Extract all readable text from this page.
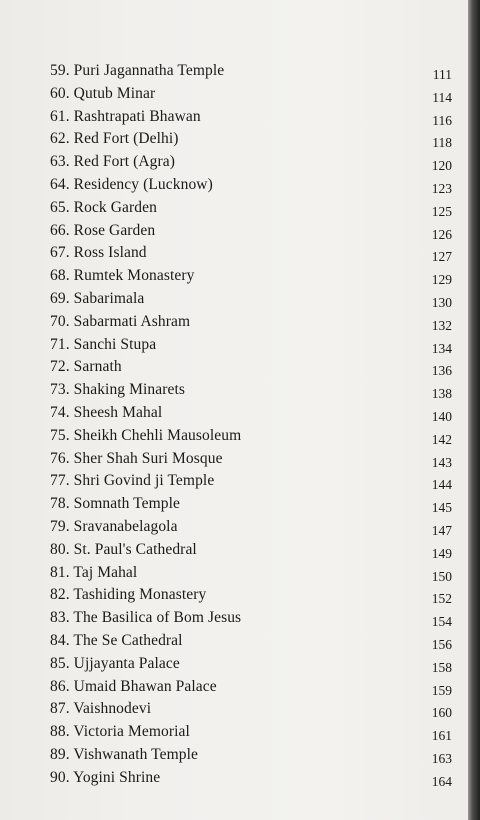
59. Puri Jagannatha Temple	111
60. Qutub Minar	114
61. Rashtrapati Bhawan	116
62. Red Fort (Delhi)	118
63. Red Fort (Agra)	120
64. Residency (Lucknow)	123
65. Rock Garden	125
66. Rose Garden	126
67. Ross Island	127
68. Rumtek Monastery	129
69. Sabarimala	130
70. Sabarmati Ashram	132
71. Sanchi Stupa	134
72. Sarnath	136
73. Shaking Minarets	138
74. Sheesh Mahal	140
75. Sheikh Chehli Mausoleum	142
76. Sher Shah Suri Mosque	143
77. Shri Govind ji Temple	144
78. Somnath Temple	145
79. Sravanabelagola	147
80. St. Paul's Cathedral	149
81. Taj Mahal	150
82. Tashiding Monastery	152
83. The Basilica of Bom Jesus	154
84. The Se Cathedral	156
85. Ujjayanta Palace	158
86. Umaid Bhawan Palace	159
87. Vaishnodevi	160
88. Victoria Memorial	161
89. Vishwanath Temple	163
90. Yogini Shrine	164
